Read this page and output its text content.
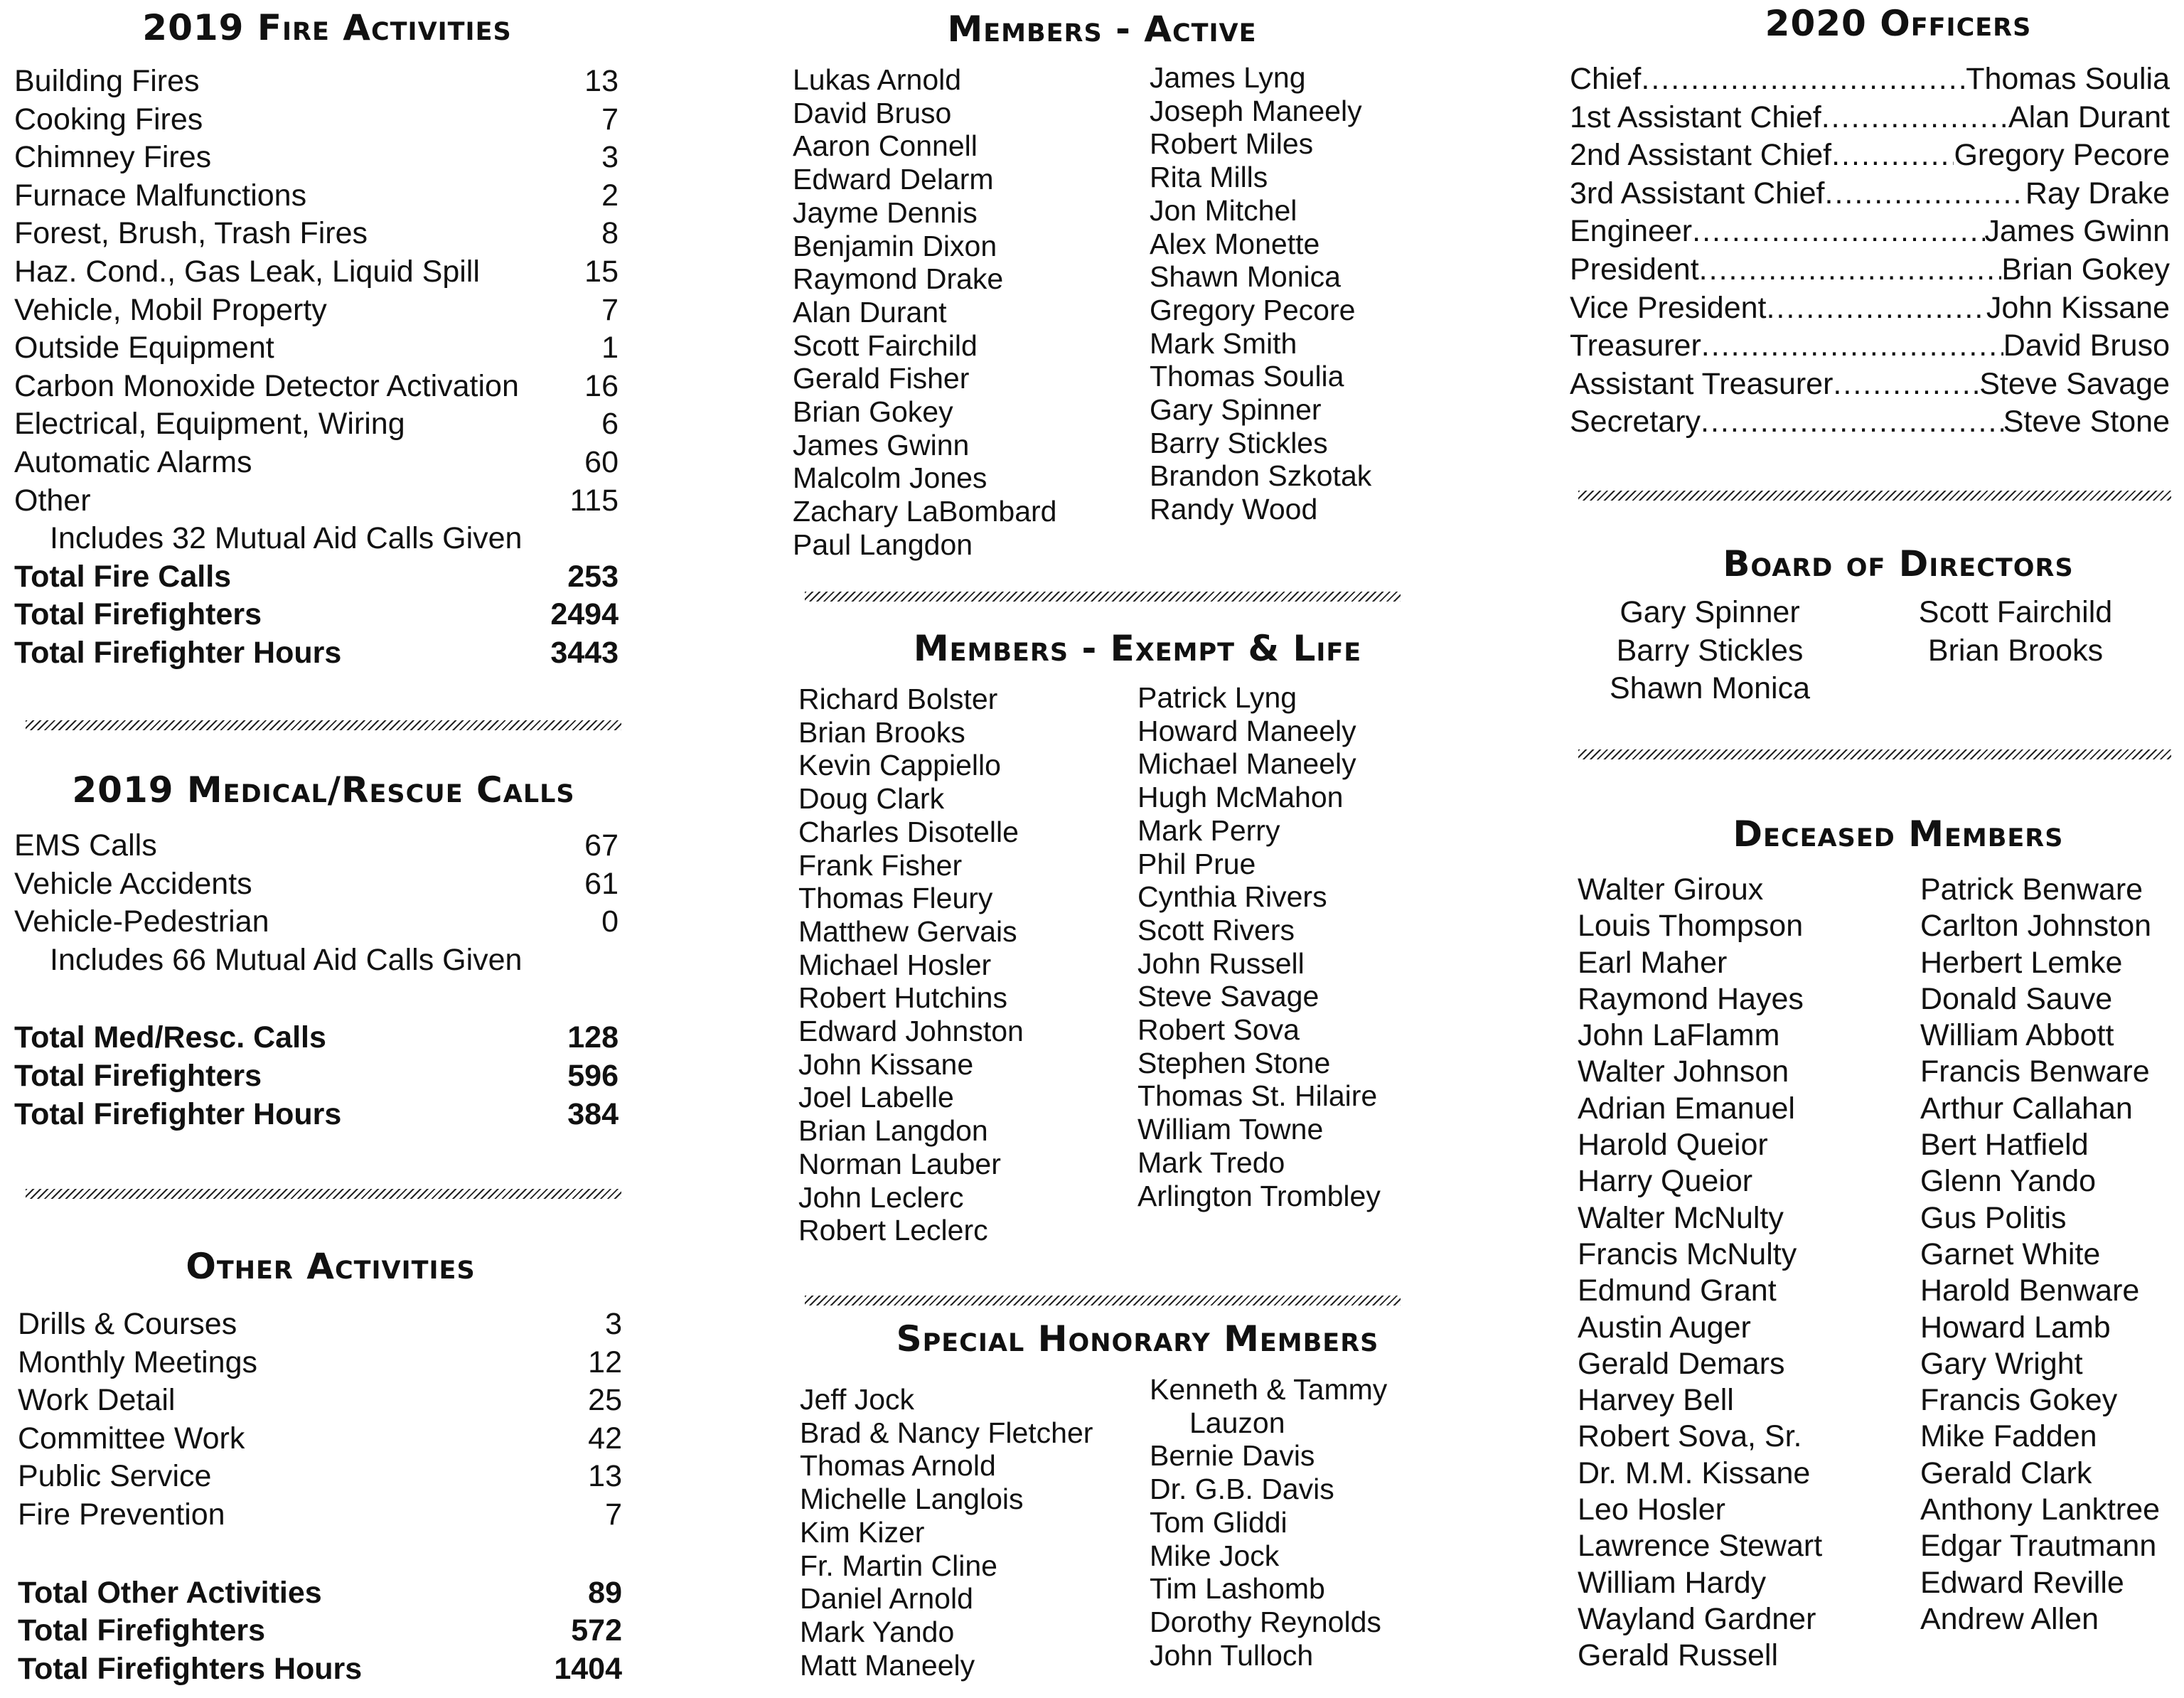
2019 Fire Activities
Building Fires	13
Cooking Fires	7
Chimney Fires	3
Furnace Malfunctions	2
Forest, Brush, Trash Fires	8
Haz. Cond., Gas Leak, Liquid Spill	15
Vehicle, Mobil Property	7
Outside Equipment	1
Carbon Monoxide Detector Activation 16
Electrical, Equipment, Wiring	6
Automatic Alarms	60
Other	115
Includes 32 Mutual Aid Calls Given
Total Fire Calls	253
Total Firefighters	2494
Total Firefighter Hours	3443
2019 Medical/Rescue Calls
EMS Calls	67
Vehicle Accidents	61
Vehicle-Pedestrian	0
Includes 66 Mutual Aid Calls Given
Total Med/Resc. Calls	128
Total Firefighters	596
Total Firefighter Hours	384
Other Activities
Drills & Courses	3
Monthly Meetings	12
Work Detail	25
Committee Work	42
Public Service	13
Fire Prevention	7
Total Other Activities	89
Total Firefighters	572
Total Firefighters Hours	1404
Members - Active
Lukas Arnold
David Bruso
Aaron Connell
Edward Delarm
Jayme Dennis
Benjamin Dixon
Raymond Drake
Alan Durant
Scott Fairchild
Gerald Fisher
Brian Gokey
James Gwinn
Malcolm Jones
Zachary LaBombard
Paul Langdon
James Lyng
Joseph Maneely
Robert Miles
Rita Mills
Jon Mitchel
Alex Monette
Shawn Monica
Gregory Pecore
Mark Smith
Thomas Soulia
Gary Spinner
Barry Stickles
Brandon Szkotak
Randy Wood
Members - Exempt & Life
Richard Bolster
Brian Brooks
Kevin Cappiello
Doug Clark
Charles Disotelle
Frank Fisher
Thomas Fleury
Matthew Gervais
Michael Hosler
Robert Hutchins
Edward Johnston
John Kissane
Joel Labelle
Brian Langdon
Norman Lauber
John Leclerc
Robert Leclerc
Patrick Lyng
Howard Maneely
Michael Maneely
Hugh McMahon
Mark Perry
Phil Prue
Cynthia Rivers
Scott Rivers
John Russell
Steve Savage
Robert Sova
Stephen Stone
Thomas St. Hilaire
William Towne
Mark Tredo
Arlington Trombley
Special Honorary Members
Jeff Jock
Brad & Nancy Fletcher
Thomas Arnold
Michelle Langlois
Kim Kizer
Fr. Martin Cline
Daniel Arnold
Mark Yando
Matt Maneely
Kenneth & Tammy
Lauzon
Bernie Davis
Dr. G.B. Davis
Tom Gliddi
Mike Jock
Tim Lashomb
Dorothy Reynolds
John Tulloch
2020 Officers
Chief .....	Thomas Soulia
1st Assistant Chief .....	Alan Durant
2nd Assistant Chief .....	Gregory Pecore
3rd Assistant Chief .....	Ray Drake
Engineer .....	James Gwinn
President .....	Brian Gokey
Vice President .....	John Kissane
Treasurer .....	David Bruso
Assistant Treasurer .....	Steve Savage
Secretary .....	Steve Stone
Board of Directors
Gary Spinner
Barry Stickles
Shawn Monica
Scott Fairchild
Brian Brooks
Deceased Members
Walter Giroux
Louis Thompson
Earl Maher
Raymond Hayes
John LaFlamm
Walter Johnson
Adrian Emanuel
Harold Queior
Harry Queior
Walter McNulty
Francis McNulty
Edmund Grant
Austin Auger
Gerald Demars
Harvey Bell
Robert Sova, Sr.
Dr. M.M. Kissane
Leo Hosler
Lawrence Stewart
William Hardy
Wayland Gardner
Gerald Russell
Patrick Benware
Carlton Johnston
Herbert Lemke
Donald Sauve
William Abbott
Francis Benware
Arthur Callahan
Bert Hatfield
Glenn Yando
Gus Politis
Garnet White
Harold Benware
Howard Lamb
Gary Wright
Francis Gokey
Mike Fadden
Gerald Clark
Anthony Lanktree
Edgar Trautmann
Edward Reville
Andrew Allen
